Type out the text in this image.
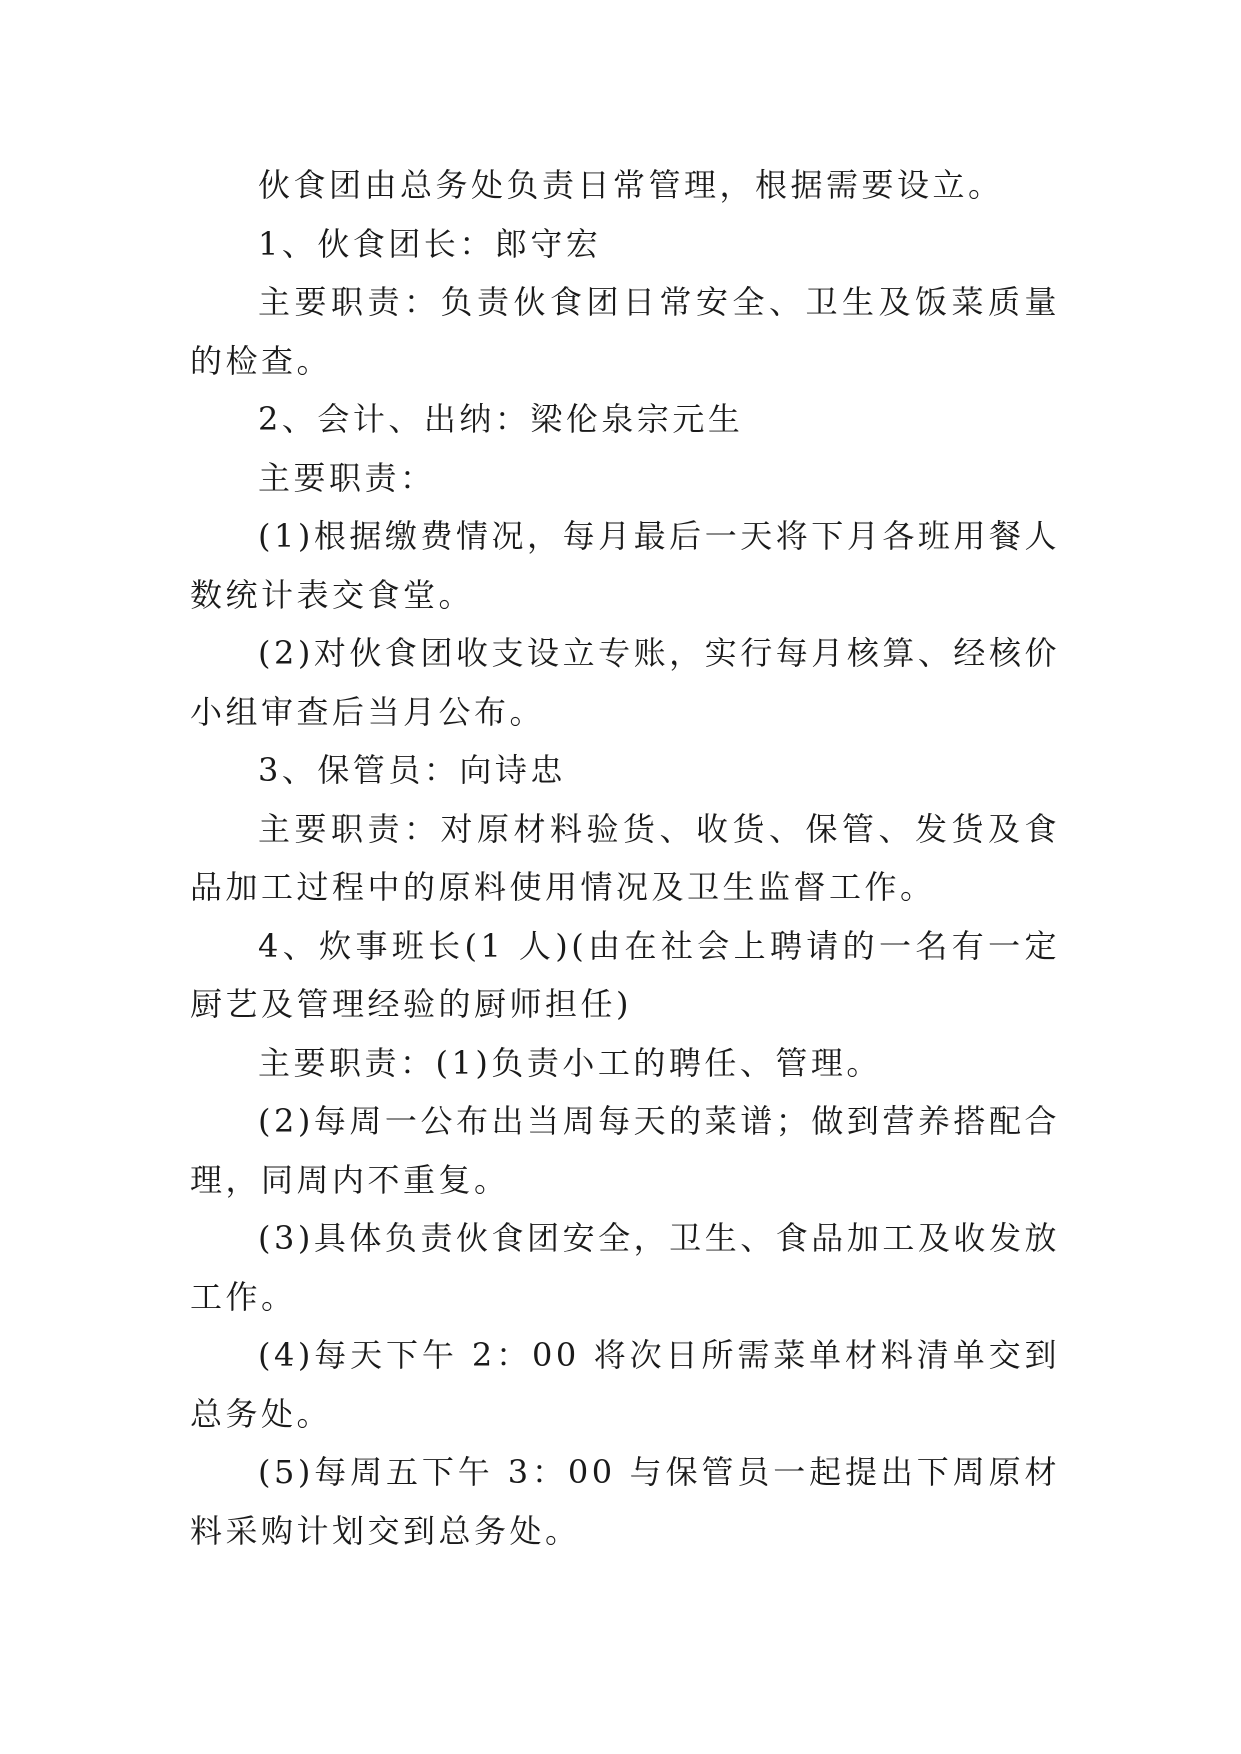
伙食团由总务处负责日常管理，根据需要设立。

1、伙食团长：郎守宏

主要职责：负责伙食团日常安全、卫生及饭菜质量的检查。

2、会计、出纳：梁伦泉宗元生

主要职责：

(1)根据缴费情况，每月最后一天将下月各班用餐人数统计表交食堂。

(2)对伙食团收支设立专账，实行每月核算、经核价小组审查后当月公布。

3、保管员：向诗忠

主要职责：对原材料验货、收货、保管、发货及食品加工过程中的原料使用情况及卫生监督工作。

4、炊事班长(1 人)(由在社会上聘请的一名有一定厨艺及管理经验的厨师担任)

主要职责：(1)负责小工的聘任、管理。

(2)每周一公布出当周每天的菜谱；做到营养搭配合理，同周内不重复。

(3)具体负责伙食团安全，卫生、食品加工及收发放工作。

(4)每天下午 2：00 将次日所需菜单材料清单交到总务处。

(5)每周五下午 3：00 与保管员一起提出下周原材料采购计划交到总务处。
